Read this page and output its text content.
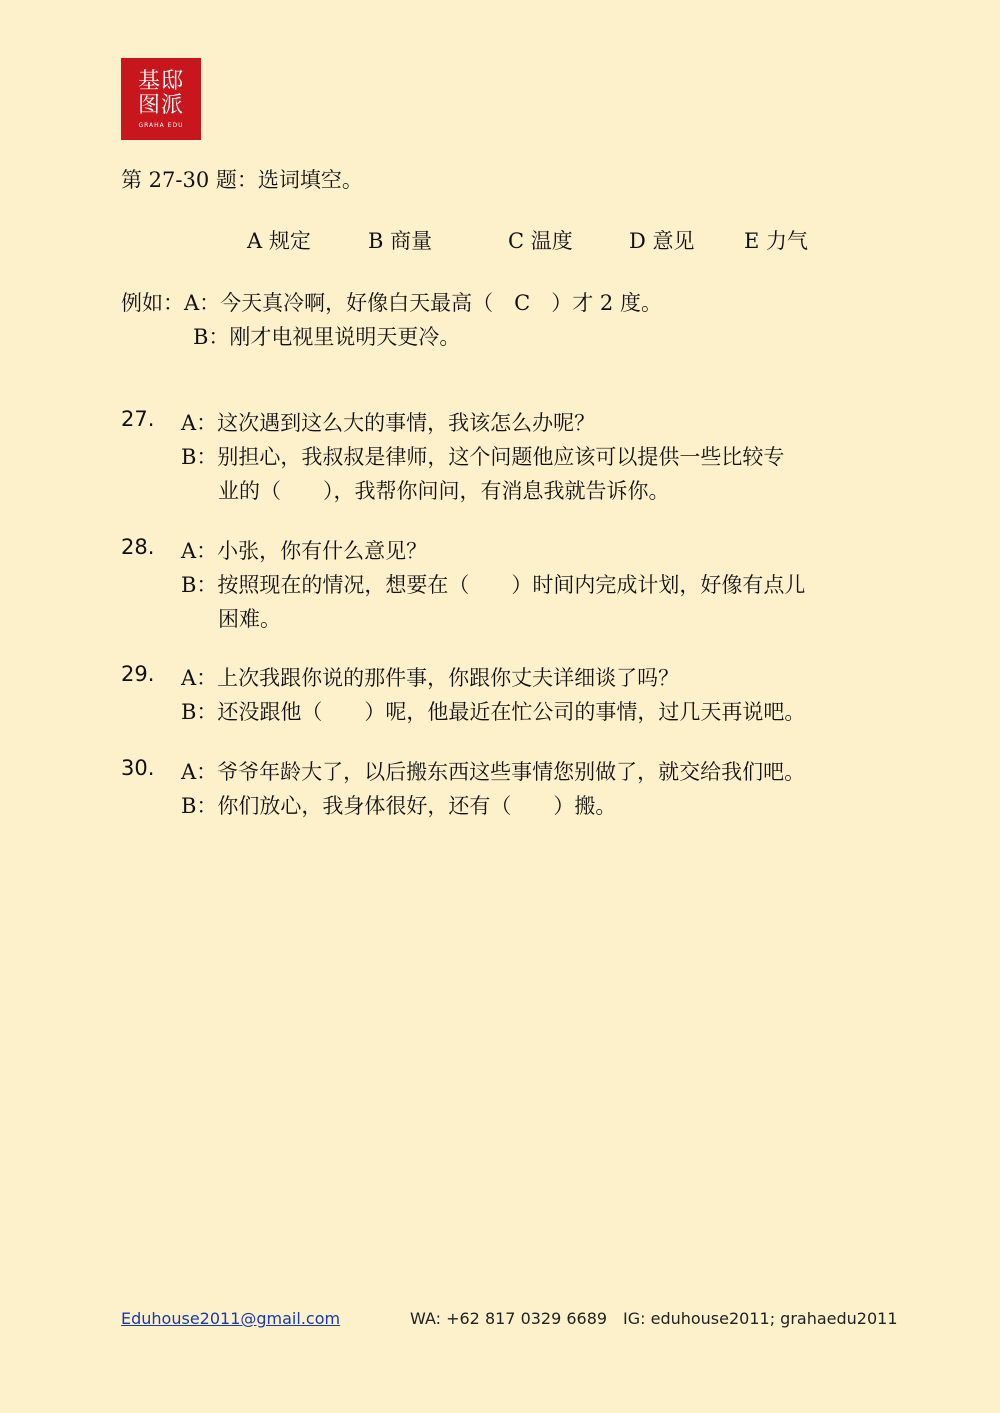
基邸
图派
GRAHA EDU
第 27-30 题：选词填空。
A 规定	B 商量	C 温度	D 意见 E 力气
例如：A：今天真冷啊，好像白天最高（　C　）才 2 度。
B：刚才电视里说明天更冷。
27. A：这次遇到这么大的事情，我该怎么办呢？
B：别担心，我叔叔是律师，这个问题他应该可以提供一些比较专
业的（　　），我帮你问问，有消息我就告诉你。
28. A：小张，你有什么意见？
B：按照现在的情况，想要在（　　）时间内完成计划，好像有点儿
困难。
29. A：上次我跟你说的那件事，你跟你丈夫详细谈了吗？
B：还没跟他（　　）呢，他最近在忙公司的事情，过几天再说吧。
30. A：爷爷年龄大了，以后搬东西这些事情您别做了，就交给我们吧。
B：你们放心，我身体很好，还有（　　）搬。
Eduhouse2011@gmail.com	WA: +62 817 0329 6689 IG: eduhouse2011; grahaedu2011
